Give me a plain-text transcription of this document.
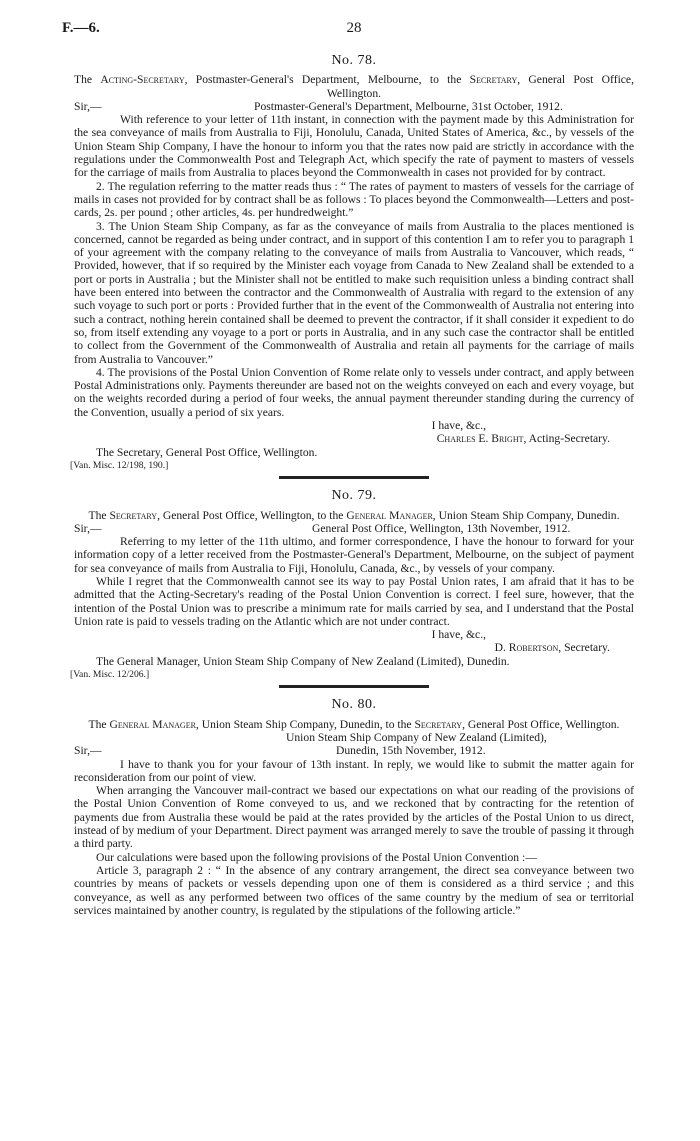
F.—6.	28
No. 78.
The Acting-Secretary, Postmaster-General's Department, Melbourne, to the Secretary, General Post Office, Wellington.
Sir,—	Postmaster-General's Department, Melbourne, 31st October, 1912.

With reference to your letter of 11th instant, in connection with the payment made by this Administration for the sea conveyance of mails from Australia to Fiji, Honolulu, Canada, United States of America, &c., by vessels of the Union Steam Ship Company, I have the honour to inform you that the rates now paid are strictly in accordance with the regulations under the Commonwealth Post and Telegraph Act, which specify the rate of payment to masters of vessels for the carriage of mails from Australia to places beyond the Commonwealth in cases not provided for by contract.

2. The regulation referring to the matter reads thus : “ The rates of payment to masters of vessels for the carriage of mails in cases not provided for by contract shall be as follows : To places beyond the Commonwealth—Letters and post-cards, 2s. per pound ; other articles, 4s. per hundredweight.”

3. The Union Steam Ship Company, as far as the conveyance of mails from Australia to the places mentioned is concerned, cannot be regarded as being under contract, and in support of this contention I am to refer you to paragraph 1 of your agreement with the company relating to the conveyance of mails from Australia to Vancouver, which reads, “ Provided, however, that if so required by the Minister each voyage from Canada to New Zealand shall be extended to a port or ports in Australia ; but the Minister shall not be entitled to make such requisition unless a binding contract shall have been entered into between the contractor and the Commonwealth of Australia with regard to the extension of any such voyage to such port or ports : Provided further that in the event of the Commonwealth of Australia not entering into such a contract, nothing herein contained shall be deemed to prevent the contractor, if it shall consider it expedient to do so, from itself extending any voyage to a port or ports in Australia, and in any such case the contractor shall be entitled to collect from the Government of the Commonwealth of Australia and retain all payments for the carriage of mails from Australia to Vancouver.”

4. The provisions of the Postal Union Convention of Rome relate only to vessels under contract, and apply between Postal Administrations only. Payments thereunder are based not on the weights conveyed on each and every voyage, but on the weights recorded during a period of four weeks, the annual payment thereunder standing during the currency of the Convention, usually a period of six years.

I have, &c.,
Charles E. Bright, Acting-Secretary.
The Secretary, General Post Office, Wellington.
[Van. Misc. 12/198, 190.]
No. 79.
The Secretary, General Post Office, Wellington, to the General Manager, Union Steam Ship Company, Dunedin.
Sir,—	General Post Office, Wellington, 13th November, 1912.

Referring to my letter of the 11th ultimo, and former correspondence, I have the honour to forward for your information copy of a letter received from the Postmaster-General's Department, Melbourne, on the subject of payment for sea conveyance of mails from Australia to Fiji, Honolulu, Canada, &c., by vessels of your company.

While I regret that the Commonwealth cannot see its way to pay Postal Union rates, I am afraid that it has to be admitted that the Acting-Secretary's reading of the Postal Union Convention is correct. I feel sure, however, that the intention of the Postal Union was to prescribe a minimum rate for mails carried by sea, and I understand that the Postal Union rate is paid to vessels trading on the Atlantic which are not under contract.

I have, &c.,
D. Robertson, Secretary.
The General Manager, Union Steam Ship Company of New Zealand (Limited), Dunedin.
[Van. Misc. 12/206.]
No. 80.
The General Manager, Union Steam Ship Company, Dunedin, to the Secretary, General Post Office, Wellington.
Union Steam Ship Company of New Zealand (Limited),
Sir,—	Dunedin, 15th November, 1912.

I have to thank you for your favour of 13th instant. In reply, we would like to submit the matter again for reconsideration from our point of view.

When arranging the Vancouver mail-contract we based our expectations on what our reading of the provisions of the Postal Union Convention of Rome conveyed to us, and we reckoned that by contracting for the retention of payments due from Australia these would be paid at the rates provided by the articles of the Postal Union to us direct, instead of by medium of your Department. Direct payment was arranged merely to save the trouble of passing it through a third party.

Our calculations were based upon the following provisions of the Postal Union Convention :—

Article 3, paragraph 2 : “ In the absence of any contrary arrangement, the direct sea conveyance between two countries by means of packets or vessels depending upon one of them is considered as a third service ; and this conveyance, as well as any performed between two offices of the same country by the medium of sea or territorial services maintained by another country, is regulated by the stipulations of the following article.”
